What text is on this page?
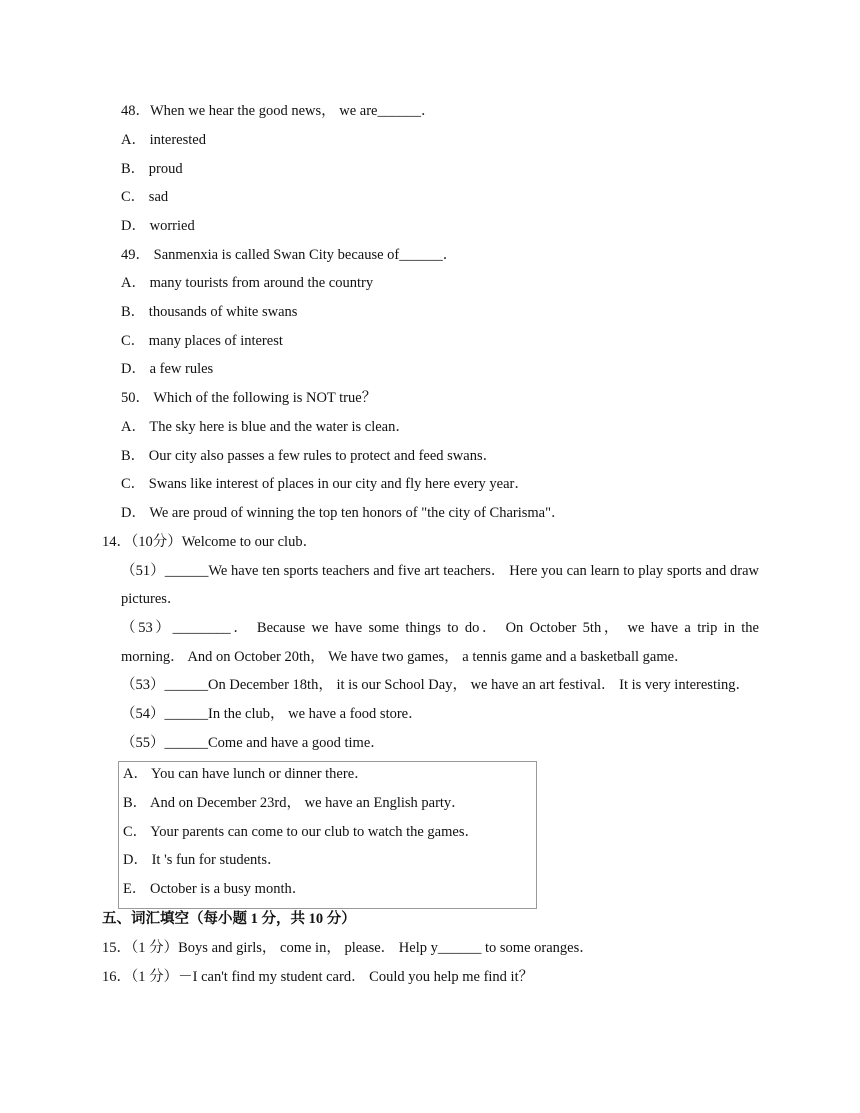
48．When we hear the good news， we are______．
A． interested
B． proud
C． sad
D． worried
49． Sanmenxia is called Swan City because of______．
A． many tourists from around the country
B． thousands of white swans
C． many places of interest
D． a few rules
50． Which of the following is NOT true？
A． The sky here is blue and the water is clean．
B． Our city also passes a few rules to protect and feed swans．
C． Swans like interest of places in our city and fly here every year．
D． We are proud of winning the top ten honors of "the city of Charisma"．
14．（10分）Welcome to our club．
（51）______We have ten sports teachers and five art teachers． Here you can learn to play sports and draw
pictures．
（53）________． Because we have some things to do． On October 5th， we have a trip in the
morning． And on October 20th， We have two games， a tennis game and a basketball game．
（53）______On December 18th， it is our School Day， we have an art festival． It is very interesting．
（54）______In the club， we have a food store．
（55）______Come and have a good time．
A． You can have lunch or dinner there．
B． And on December 23rd， we have an English party．
C． Your parents can come to our club to watch the games．
D． It 's fun for students．
E． October is a busy month．
五、词汇填空（每小题 1 分，共 10 分）
15．（1 分）Boys and girls， come in， please． Help y______ to some oranges．
16．（1 分）－I can't find my student card． Could you help me find it？
